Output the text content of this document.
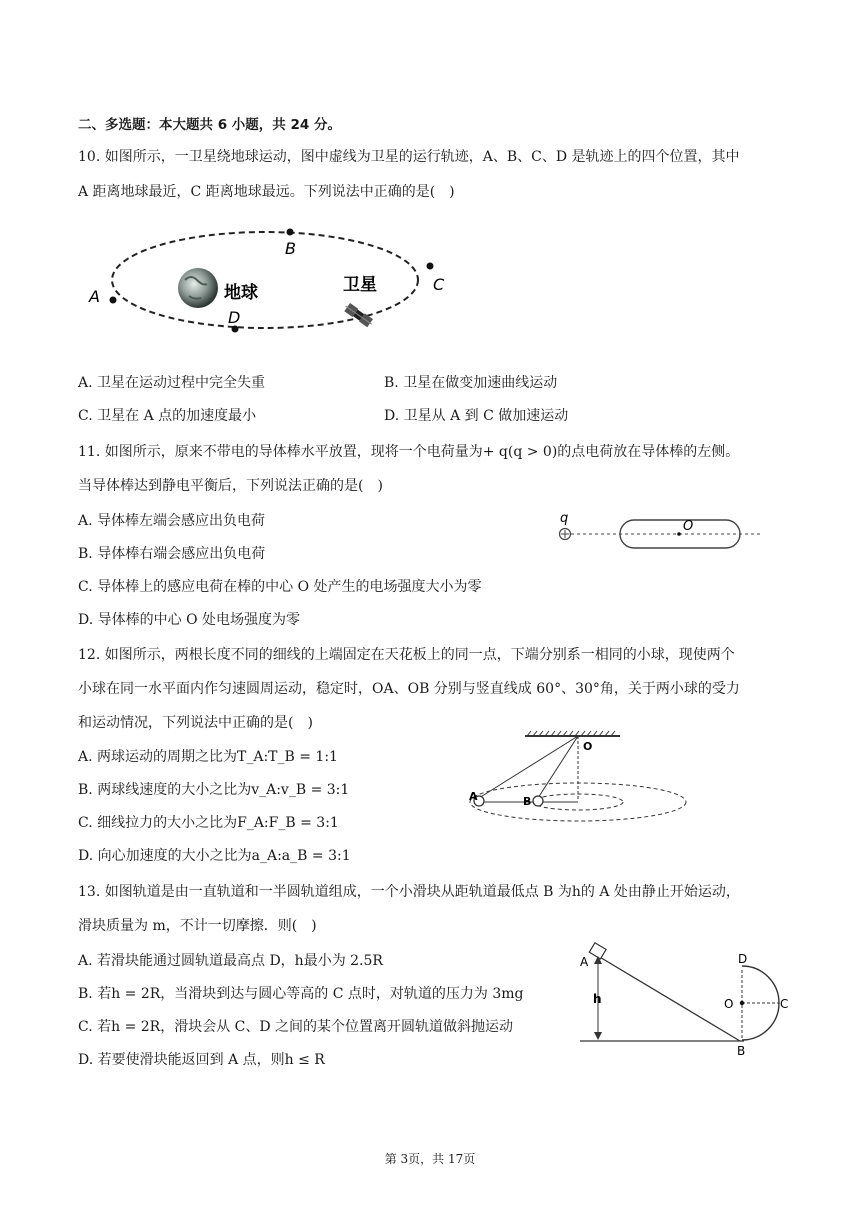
二、多选题：本大题共 6 小题，共 24 分。
10. 如图所示，一卫星绕地球运动，图中虚线为卫星的运行轨迹，A、B、C、D 是轨迹上的四个位置，其中
A 距离地球最近，C 距离地球最远。下列说法中正确的是(　)
A
B
C
D
地球	卫星
A. 卫星在运动过程中完全失重	B. 卫星在做变加速曲线运动
C. 卫星在 A 点的加速度最小	D. 卫星从 A 到 C 做加速运动
11. 如图所示，原来不带电的导体棒水平放置，现将一个电荷量为+ q(q > 0)的点电荷放在导体棒的左侧。
当导体棒达到静电平衡后，下列说法正确的是(　)
A. 导体棒左端会感应出负电荷
B. 导体棒右端会感应出负电荷
C. 导体棒上的感应电荷在棒的中心 O 处产生的电场强度大小为零
D. 导体棒的中心 O 处电场强度为零
q
O
12. 如图所示，两根长度不同的细线的上端固定在天花板上的同一点，下端分别系一相同的小球，现使两个
小球在同一水平面内作匀速圆周运动，稳定时，OA、OB 分别与竖直线成 60°、30°角，关于两小球的受力
和运动情况，下列说法中正确的是(　)
A. 两球运动的周期之比为T_A:T_B = 1:1
B. 两球线速度的大小之比为v_A:v_B = 3:1
C. 细线拉力的大小之比为F_A:F_B = 3:1
D. 向心加速度的大小之比为a_A:a_B = 3:1
O
A	B
13. 如图轨道是由一直轨道和一半圆轨道组成，一个小滑块从距轨道最低点 B 为h的 A 处由静止开始运动，
滑块质量为 m，不计一切摩擦．则(　)
A. 若滑块能通过圆轨道最高点 D，h最小为 2.5R
B. 若h = 2R，当滑块到达与圆心等高的 C 点时，对轨道的压力为 3mg
C. 若h = 2R，滑块会从 C、D 之间的某个位置离开圆轨道做斜抛运动
D. 若要使滑块能返回到 A 点，则h ≤ R
A
h	O	C
D
B
第 3页，共 17页
